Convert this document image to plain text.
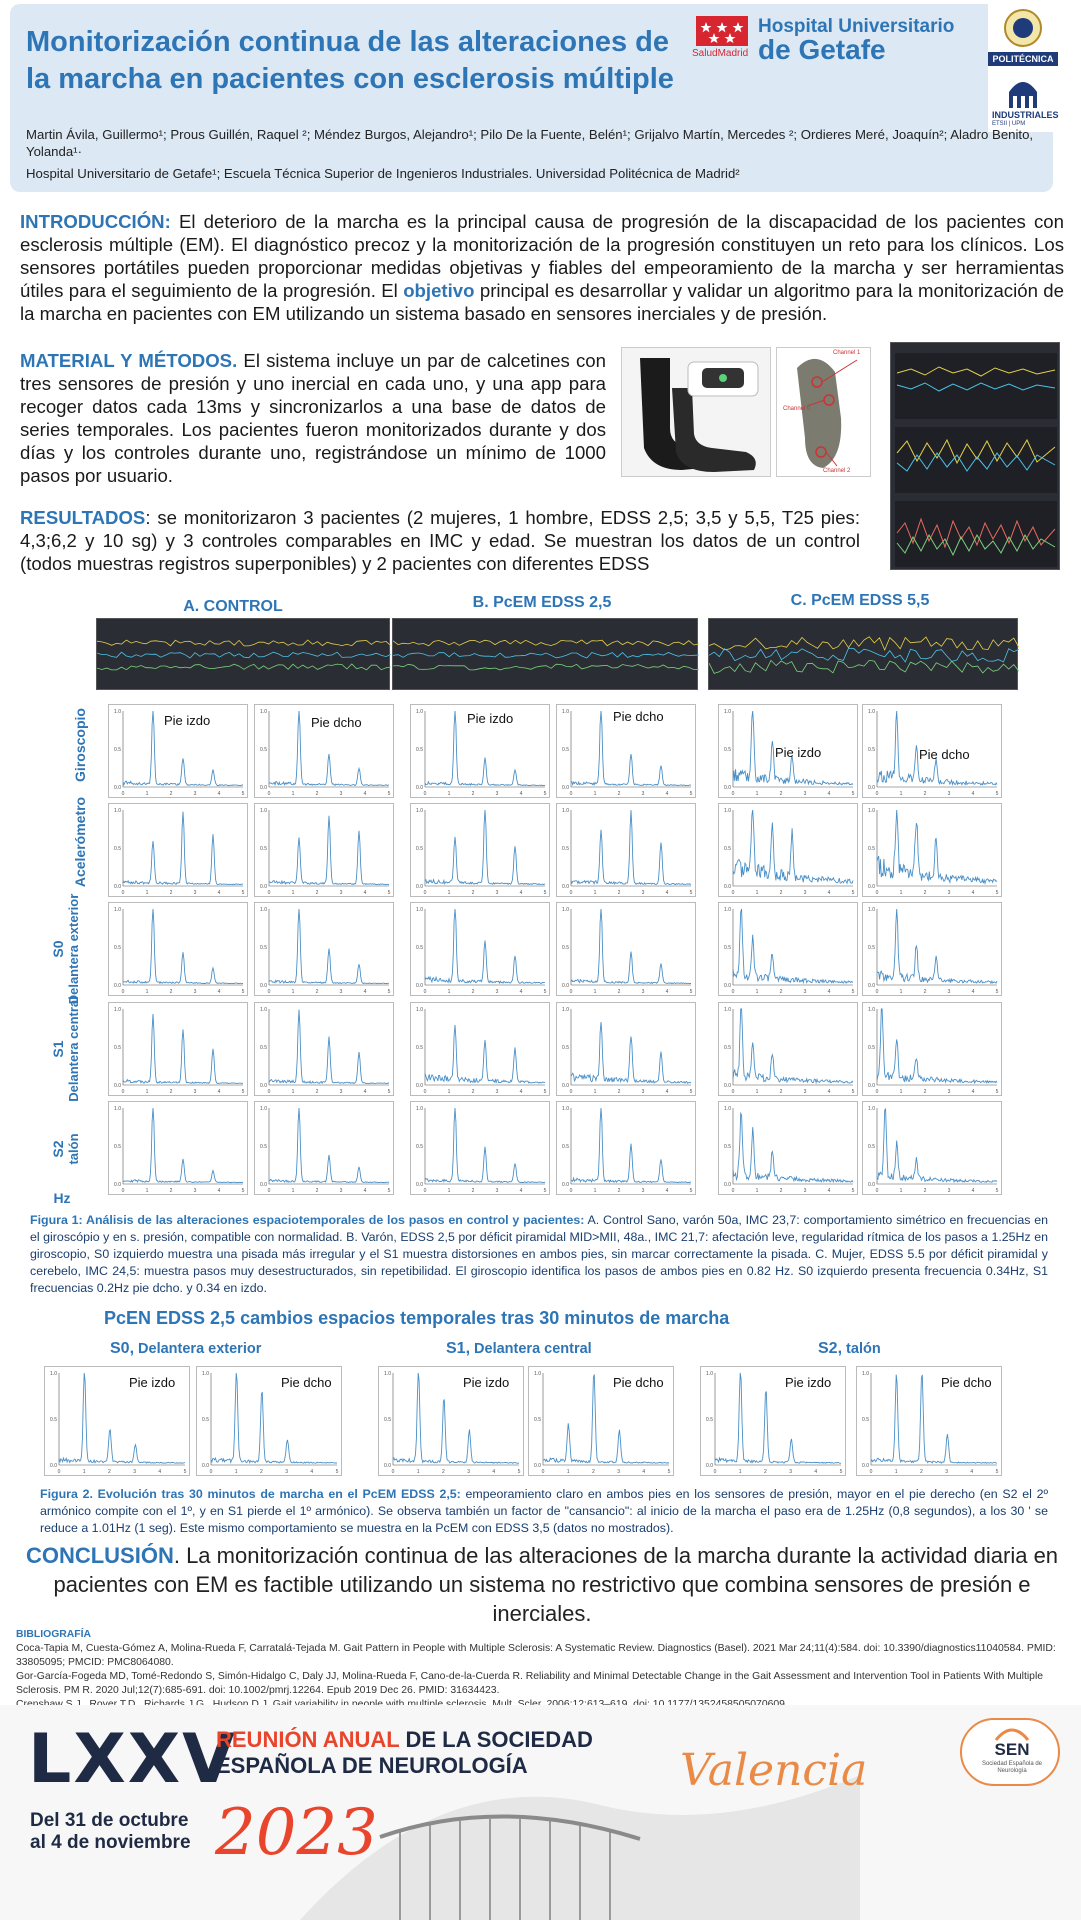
Monitorización continua de las alteraciones de la marcha en pacientes con esclerosis múltiple
SaludMadrid
Hospital Universitario
de Getafe	POLITÉCNICA
INDUSTRIALES
ETSII | UPM
Martin Ávila, Guillermo¹; Prous Guillén, Raquel ²; Méndez Burgos, Alejandro¹; Pilo De la Fuente, Belén¹; Grijalvo Martín, Mercedes ²; Ordieres Meré, Joaquín²; Aladro Benito, Yolanda¹·
Hospital Universitario de Getafe¹; Escuela Técnica Superior de Ingenieros Industriales. Universidad Politécnica de Madrid²
INTRODUCCIÓN: El deterioro de la marcha es la principal causa de progresión de la discapacidad de los pacientes con esclerosis múltiple (EM). El diagnóstico precoz y la monitorización de la progresión constituyen un reto para los clínicos. Los sensores portátiles pueden proporcionar medidas objetivas y fiables del empeoramiento de la marcha y ser herramientas útiles para el seguimiento de la progresión. El objetivo principal es desarrollar y validar un algoritmo para la monitorización de la marcha en pacientes con EM utilizando un sistema basado en sensores inerciales y de presión.
MATERIAL Y MÉTODOS. El sistema incluye un par de calcetines con tres sensores de presión y uno inercial en cada uno, y una app para recoger datos cada 13ms y sincronizarlos a una base de datos de series temporales. Los pacientes fueron monitorizados durante y dos días y los controles durante uno, registrándose un mínimo de 1000 pasos por usuario.
Channel 1
Channel 0
Channel 2
RESULTADOS: se monitorizaron 3 pacientes (2 mujeres, 1 hombre, EDSS 2,5; 3,5 y 5,5, T25 pies: 4,3;6,2 y 10 sg) y 3 controles comparables en IMC y edad. Se muestran los datos de un control (todos muestras registros superponibles) y 2 pacientes con diferentes EDSS
A. CONTROL	B. PcEM EDSS 2,5	C. PcEM EDSS 5,5
0	1	2	3	4	5
0.0
0.5
1.0
Pie izdo
0	1	2	3	4	5
0.0
0.5
1.0
Pie dcho
0	1	2	3	4	5
0.0
0.5
1.0	Pie izdo
0	1	2	3	4	5
0.0
0.5
1.0	Pie dcho
0	1	2	3	4	5
0.0
0.5
1.0
Pie izdo
0	1	2	3	4	5
0.0
0.5
1.0
Pie dcho
0	1	2	3	4	5
0.0
0.5
1.0
0	1	2	3	4	5
0.0
0.5
1.0
0	1	2	3	4	5
0.0
0.5
1.0
0	1	2	3	4	5
0.0
0.5
1.0
0	1	2	3	4	5
0.0
0.5
1.0
0	1	2	3	4	5
0.0
0.5
1.0
0	1	2	3	4	5
0.0
0.5
1.0
0	1	2	3	4	5
0.0
0.5
1.0
0	1	2	3	4	5
0.0
0.5
1.0
0	1	2	3	4	5
0.0
0.5
1.0
0	1	2	3	4	5
0.0
0.5
1.0
0	1	2	3	4	5
0.0
0.5
1.0
0	1	2	3	4	5
0.0
0.5
1.0
0	1	2	3	4	5
0.0
0.5
1.0
0	1	2	3	4	5
0.0
0.5
1.0
0	1	2	3	4	5
0.0
0.5
1.0
0	1	2	3	4	5
0.0
0.5
1.0
0	1	2	3	4	5
0.0
0.5
1.0
0	1	2	3	4	5
0.0
0.5
1.0
0	1	2	3	4	5
0.0
0.5
1.0
0	1	2	3	4	5
0.0
0.5
1.0
0	1	2	3	4	5
0.0
0.5
1.0
0	1	2	3	4	5
0.0
0.5
1.0
0	1	2	3	4	5
0.0
0.5
1.0
Giroscopio
Acelerómetro
S0 Delantera exterior
S1 Delantera central
S2 talón
Hz
Figura 1: Análisis de las alteraciones espaciotemporales de los pasos en control y pacientes: A. Control Sano, varón 50a, IMC 23,7: comportamiento simétrico en frecuencias en el giroscópio y en s. presión, compatible con normalidad. B. Varón, EDSS 2,5 por déficit piramidal MID>MII, 48a., IMC 21,7: afectación leve, regularidad rítmica de los pasos a 1.25Hz en giroscopio, S0 izquierdo muestra una pisada más irregular y el S1 muestra distorsiones en ambos pies, sin marcar correctamente la pisada. C. Mujer, EDSS 5.5 por déficit piramidal y cerebelo, IMC 24,5: muestra pasos muy desestructurados, sin repetibilidad. El giroscopio identifica los pasos de ambos pies en 0.82 Hz. S0 izquierdo presenta frecuencia 0.34Hz, S1 frecuencias 0.2Hz pie dcho. y 0.34 en izdo.
PcEN EDSS 2,5 cambios espacios temporales tras 30 minutos de marcha
S0, Delantera exterior	S1, Delantera central	S2, talón
0	1	2	3	4	5
0.0
0.5
1.0
Pie izdo
0	1	2	3	4	5
0.0
0.5
1.0
Pie dcho
0	1	2	3	4	5
0.0
0.5
1.0
Pie izdo
0	1	2	3	4	5
0.0
0.5
1.0
Pie dcho
0	1	2	3	4	5
0.0
0.5
1.0
Pie izdo
0	1	2	3	4	5
0.0
0.5
1.0
Pie dcho
Figura 2. Evolución tras 30 minutos de marcha en el PcEM EDSS 2,5: empeoramiento claro en ambos pies en los sensores de presión, mayor en el pie derecho (en S2 el 2º armónico compite con el 1º, y en S1 pierde el 1º armónico). Se observa también un factor de "cansancio": al inicio de la marcha el paso era de 1.25Hz (0,8 segundos), a los 30 ' se reduce a 1.01Hz (1 seg). Este mismo comportamiento se muestra en la PcEM con EDSS 3,5 (datos no mostrados).
CONCLUSIÓN. La monitorización continua de las alteraciones de la marcha durante la actividad diaria en pacientes con EM es factible utilizando un sistema no restrictivo que combina sensores de presión e inerciales.
BIBLIOGRAFÍA
Coca-Tapia M, Cuesta-Gómez A, Molina-Rueda F, Carratalá-Tejada M. Gait Pattern in People with Multiple Sclerosis: A Systematic Review. Diagnostics (Basel). 2021 Mar 24;11(4):584. doi: 10.3390/diagnostics11040584. PMID: 33805095; PMCID: PMC8064080.
Gor-García-Fogeda MD, Tomé-Redondo S, Simón-Hidalgo C, Daly JJ, Molina-Rueda F, Cano-de-la-Cuerda R. Reliability and Minimal Detectable Change in the Gait Assessment and Intervention Tool in Patients With Multiple Sclerosis. PM R. 2020 Jul;12(7):685-691. doi: 10.1002/pmrj.12264. Epub 2019 Dec 26. PMID: 31634423.
LXXV
REUNIÓN ANUAL DE LA SOCIEDAD
ESPAÑOLA DE NEUROLOGÍA	Valencia
Del 31 de octubre
al 4 de noviembre 2023
SEN
Sociedad Española de Neurología
